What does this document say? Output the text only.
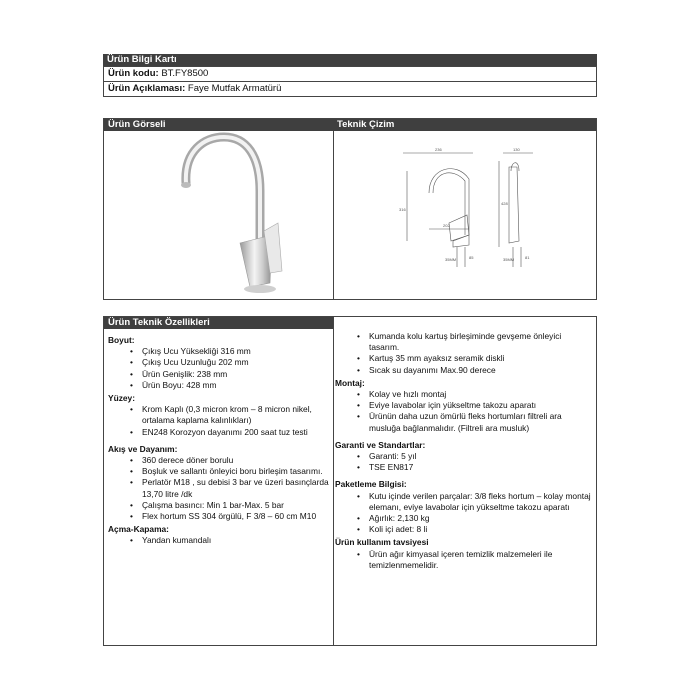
Ürün Bilgi Kartı
Ürün kodu: BT.FY8500
Ürün Açıklaması: Faye Mutfak Armatürü
Ürün Görseli	Teknik Çizim
236	130
202
428
316
35MM	85	35MM	81
Ürün Teknik Özellikleri
Boyut:
• Çıkış Ucu Yüksekliği 316 mm
• Çıkış Ucu Uzunluğu 202 mm
• Ürün Genişlik: 238 mm
• Ürün Boyu: 428 mm
Yüzey:
• Krom Kaplı (0,3 micron krom – 8 micron nikel, ortalama kaplama kalınlıkları)
• EN248 Korozyon dayanımı 200 saat tuz testi
Akış ve Dayanım:
• 360 derece döner borulu
• Boşluk ve sallantı önleyici boru birleşim tasarımı.
• Perlatör M18 , su debisi 3 bar ve üzeri basınçlarda 13,70 litre /dk
• Çalışma basıncı: Min 1 bar-Max. 5 bar
• Flex hortum SS 304 örgülü, F 3/8 – 60 cm M10
Açma-Kapama:
• Yandan kumandalı
• Kumanda kolu kartuş birleşiminde gevşeme önleyici tasarım.
• Kartuş 35 mm ayaksız seramik diskli
• Sıcak su dayanımı Max.90 derece
Montaj:
• Kolay ve hızlı montaj
• Eviye lavabolar için yükseltme takozu aparatı
• Ürünün daha uzun ömürlü fleks hortumları filtreli ara musluğa bağlanmalıdır. (Filtreli ara musluk)
Garanti ve Standartlar:
• Garanti: 5 yıl
• TSE EN817
Paketleme Bilgisi:
• Kutu içinde verilen parçalar: 3/8 fleks hortum – kolay montaj elemanı, eviye lavabolar için yükseltme takozu aparatı
• Ağırlık: 2,130 kg
• Koli içi adet: 8 li
Ürün kullanım tavsiyesi
• Ürün ağır kimyasal içeren temizlik malzemeleri ile temizlenmemelidir.
